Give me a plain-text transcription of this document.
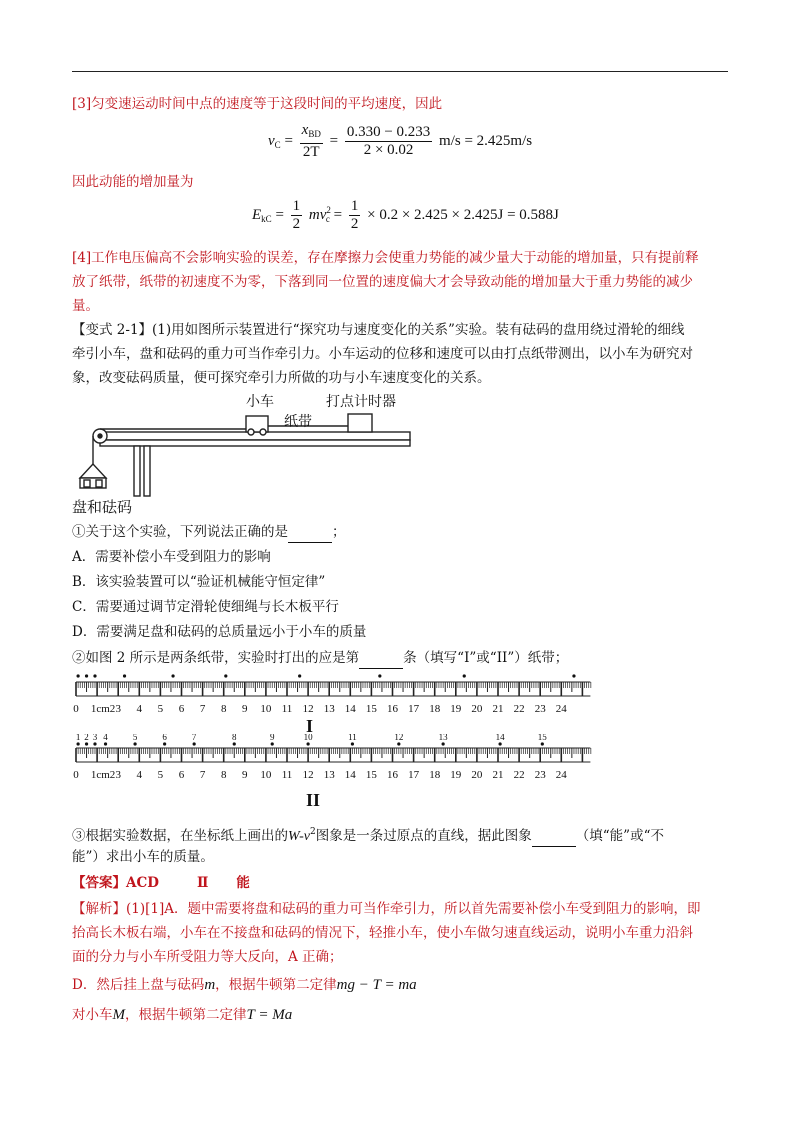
[3]匀变速运动时间中点的速度等于这段时间的平均速度，因此
$v_C = \frac{x_{BD}}{2T} = \frac{0.330 - 0.233}{2 \times 0.02} m/s = 2.425m/s$
因此动能的增加量为
$E_{kC} = \frac{1}{2} mv^2_c = \frac{1}{2} \times 0.2 \times 2.425 \times 2.425J = 0.588J$
[4]工作电压偏高不会影响实验的误差，存在摩擦力会使重力势能的减少量大于动能的增加量，只有提前释
放了纸带，纸带的初速度不为零，下落到同一位置的速度偏大才会导致动能的增加量大于重力势能的减少
量。
【变式 2-1】(1)用如图所示装置进行“探究功与速度变化的关系”实验。装有砝码的盘用绕过滑轮的细线
牵引小车，盘和砝码的重力可当作牵引力。小车运动的位移和速度可以由打点纸带测出，以小车为研究对
象，改变砝码质量，便可探究牵引力所做的功与小车速度变化的关系。
小车	打点计时器
纸带
盘和砝码
①关于这个实验，下列说法正确的是	；
A．需要补偿小车受到阻力的影响
B．该实验装置可以“验证机械能守恒定律”
C．需要通过调节定滑轮使细绳与长木板平行
D．需要满足盘和砝码的总质量远小于小车的质量
②如图 2 所示是两条纸带，实验时打出的应是第	条（填写“I”或“II”）纸带；
0 1cm2 3 4 5 6 7 8 9 10 11 12 13 14 15 16 17 18 19 20 21 22 23 24
I
0 1cm2 3 4 5 6 7 8 9 10 11 12 13 14 15 16 17 18 19 20 21 22 23 24
1 2 3 4	5	6	7	8	9	10	11	12	13	14	15
II
③根据实验数据，在坐标纸上画出的$W-v^2$图象是一条过原点的直线，据此图象	（填“能”或“不
能”）求出小车的质量。
【答案】ACD	Ⅱ 能
【解析】(1)[1]A．题中需要将盘和砝码的重力可当作牵引力，所以首先需要补偿小车受到阻力的影响，即
抬高长木板右端，小车在不接盘和砝码的情况下，轻推小车，使小车做匀速直线运动，说明小车重力沿斜
面的分力与小车所受阻力等大反向，A 正确；
D．然后挂上盘与砝码m，根据牛顿第二定律mg − T = ma
对小车M，根据牛顿第二定律T = Ma
